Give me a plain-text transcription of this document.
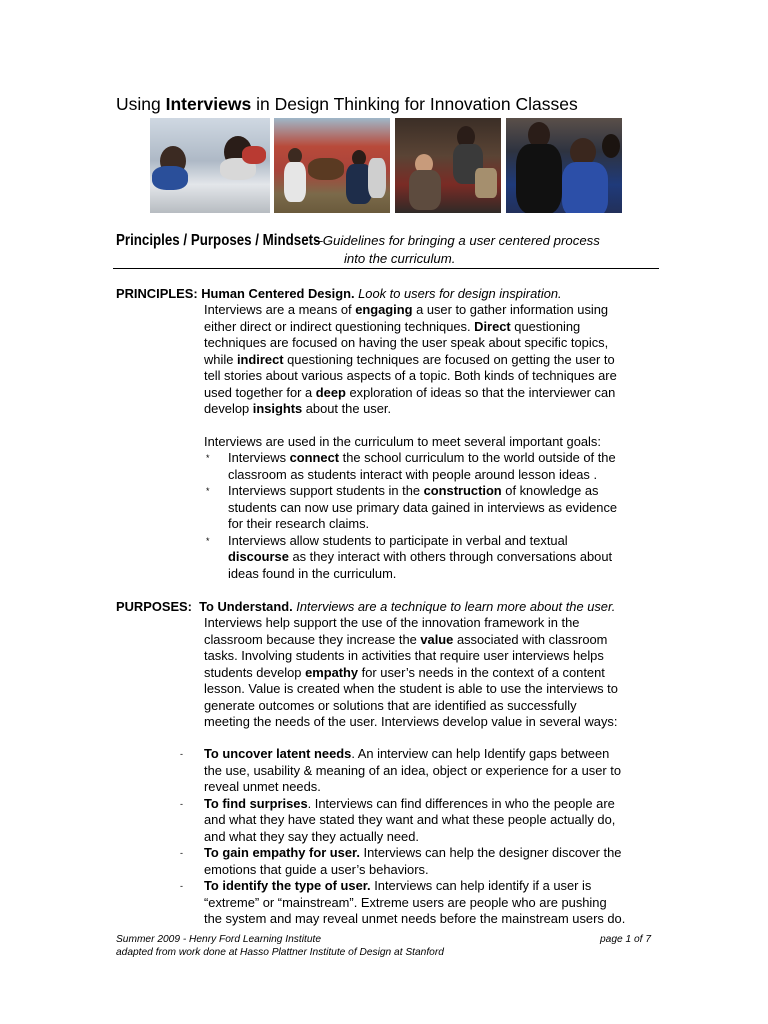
Using Interviews in Design Thinking for Innovation Classes
Principles / Purposes / Mindsets –Guidelines for bringing a user centered process
into the curriculum.
PRINCIPLES: Human Centered Design. Look to users for design inspiration.
Interviews are a means of engaging a user to gather information using
either direct or indirect questioning techniques. Direct questioning
techniques are focused on having the user speak about specific topics,
while indirect questioning techniques are focused on getting the user to
tell stories about various aspects of a topic. Both kinds of techniques are
used together for a deep exploration of ideas so that the interviewer can
develop insights about the user.
Interviews are used in the curriculum to meet several important goals:
* Interviews connect the school curriculum to the world outside of the
classroom as students interact with people around lesson ideas .
* Interviews support students in the construction of knowledge as
students can now use primary data gained in interviews as evidence
for their research claims.
* Interviews allow students to participate in verbal and textual
discourse as they interact with others through conversations about
ideas found in the curriculum.
PURPOSES:  To Understand. Interviews are a technique to learn more about the user.
Interviews help support the use of the innovation framework in the
classroom because they increase the value associated with classroom
tasks. Involving students in activities that require user interviews helps
students develop empathy for user’s needs in the context of a content
lesson. Value is created when the student is able to use the interviews to
generate outcomes or solutions that are identified as successfully
meeting the needs of the user. Interviews develop value in several ways:
- To uncover latent needs. An interview can help Identify gaps between
the use, usability & meaning of an idea, object or experience for a user to
reveal unmet needs.
- To find surprises. Interviews can find differences in who the people are
and what they have stated they want and what these people actually do,
and what they say they actually need.
- To gain empathy for user. Interviews can help the designer discover the
emotions that guide a user’s behaviors.
- To identify the type of user. Interviews can help identify if a user is
“extreme” or “mainstream”. Extreme users are people who are pushing
the system and may reveal unmet needs before the mainstream users do.
Summer 2009 - Henry Ford Learning Institute
adapted from work done at Hasso Plattner Institute of Design at Stanford
page 1 of 7
